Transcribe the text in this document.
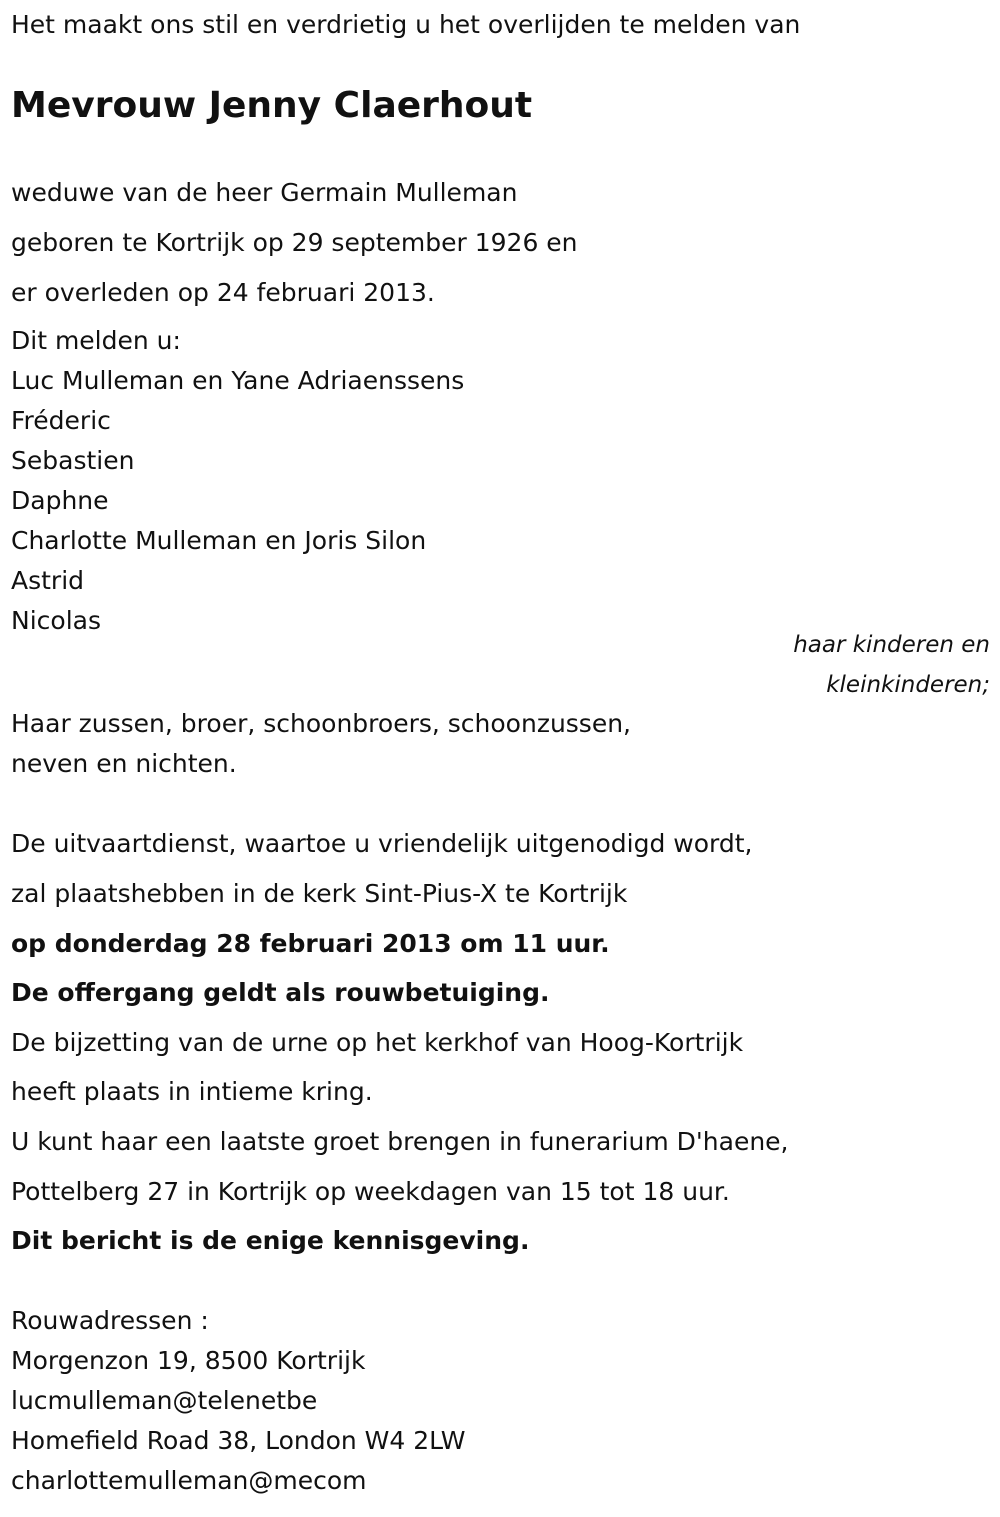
Het maakt ons stil en verdrietig u het overlijden te melden van

Mevrouw Jenny Claerhout

weduwe van de heer Germain Mulleman

geboren te Kortrijk op 29 september 1926 en

er overleden op 24 februari 2013.

Dit melden u:

Luc Mulleman en Yane Adriaenssens

Fréderic

Sebastien

Daphne

Charlotte Mulleman en Joris Silon

Astrid

Nicolas

haar kinderen en

kleinkinderen;

Haar zussen, broer, schoonbroers, schoonzussen,

neven en nichten.

De uitvaartdienst, waartoe u vriendelijk uitgenodigd wordt,

zal plaatshebben in de kerk Sint-Pius-X te Kortrijk

op donderdag 28 februari 2013 om 11 uur.

De offergang geldt als rouwbetuiging.

De bijzetting van de urne op het kerkhof van Hoog-Kortrijk

heeft plaats in intieme kring.

U kunt haar een laatste groet brengen in funerarium D'haene,

Pottelberg 27 in Kortrijk op weekdagen van 15 tot 18 uur.

Dit bericht is de enige kennisgeving.

Rouwadressen :

Morgenzon 19, 8500 Kortrijk

lucmulleman@telenetbe

Homefield Road 38, London W4 2LW

charlottemulleman@mecom
